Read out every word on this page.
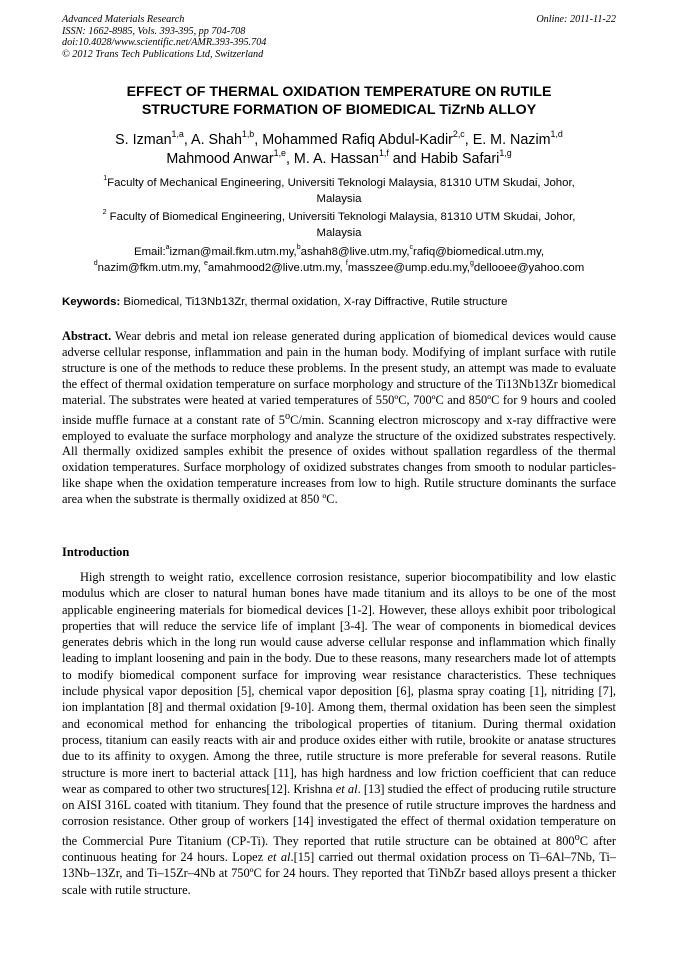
Advanced Materials Research
ISSN: 1662-8985, Vols. 393-395, pp 704-708
doi:10.4028/www.scientific.net/AMR.393-395.704
© 2012 Trans Tech Publications Ltd, Switzerland
Online: 2011-11-22
EFFECT OF THERMAL OXIDATION TEMPERATURE ON RUTILE
STRUCTURE FORMATION OF BIOMEDICAL TiZrNb ALLOY
S. Izman$^{1,a}$, A. Shah$^{1,b}$, Mohammed Rafiq Abdul-Kadir$^{2,c}$, E. M. Nazim$^{1,d}$
Mahmood Anwar$^{1,e}$, M. A. Hassan$^{1,f}$ and Habib Safari$^{1,g}$
$^1$Faculty of Mechanical Engineering, Universiti Teknologi Malaysia, 81310 UTM Skudai, Johor,
Malaysia
$^2$ Faculty of Biomedical Engineering, Universiti Teknologi Malaysia, 81310 UTM Skudai, Johor,
Malaysia
Email:$^a$izman@mail.fkm.utm.my,$^b$ashah8@live.utm.my,$^c$rafiq@biomedical.utm.my,
$^d$nazim@fkm.utm.my, $^e$amahmood2@live.utm.my, $^f$masszee@ump.edu.my,$^g$dellooee@yahoo.com
Keywords: Biomedical, Ti13Nb13Zr, thermal oxidation, X-ray Diffractive, Rutile structure
Abstract. Wear debris and metal ion release generated during application of biomedical devices would cause adverse cellular response, inflammation and pain in the human body. Modifying of implant surface with rutile structure is one of the methods to reduce these problems. In the present study, an attempt was made to evaluate the effect of thermal oxidation temperature on surface morphology and structure of the Ti13Nb13Zr biomedical material. The substrates were heated at varied temperatures of 550ºC, 700ºC and 850ºC for 9 hours and cooled inside muffle furnace at a constant rate of 5$^o$C/min. Scanning electron microscopy and x-ray diffractive were employed to evaluate the surface morphology and analyze the structure of the oxidized substrates respectively. All thermally oxidized samples exhibit the presence of oxides without spallation regardless of the thermal oxidation temperatures. Surface morphology of oxidized substrates changes from smooth to nodular particles-like shape when the oxidation temperature increases from low to high. Rutile structure dominants the surface area when the substrate is thermally oxidized at 850 ºC.
Introduction
High strength to weight ratio, excellence corrosion resistance, superior biocompatibility and low elastic modulus which are closer to natural human bones have made titanium and its alloys to be one of the most applicable engineering materials for biomedical devices [1-2]. However, these alloys exhibit poor tribological properties that will reduce the service life of implant [3-4]. The wear of components in biomedical devices generates debris which in the long run would cause adverse cellular response and inflammation which finally leading to implant loosening and pain in the body. Due to these reasons, many researchers made lot of attempts to modify biomedical component surface for improving wear resistance characteristics. These techniques include physical vapor deposition [5], chemical vapor deposition [6], plasma spray coating [1], nitriding [7], ion implantation [8] and thermal oxidation [9-10]. Among them, thermal oxidation has been seen the simplest and economical method for enhancing the tribological properties of titanium. During thermal oxidation process, titanium can easily reacts with air and produce oxides either with rutile, brookite or anatase structures due to its affinity to oxygen. Among the three, rutile structure is more preferable for several reasons. Rutile structure is more inert to bacterial attack [11], has high hardness and low friction coefficient that can reduce wear as compared to other two structures[12]. Krishna et al. [13] studied the effect of producing rutile structure on AISI 316L coated with titanium. They found that the presence of rutile structure improves the hardness and corrosion resistance. Other group of workers [14] investigated the effect of thermal oxidation temperature on the Commercial Pure Titanium (CP-Ti). They reported that rutile structure can be obtained at 800$^o$C after continuous heating for 24 hours. Lopez et al.[15] carried out thermal oxidation process on Ti–6Al–7Nb, Ti–13Nb–13Zr, and Ti–15Zr–4Nb at 750ºC for 24 hours. They reported that TiNbZr based alloys present a thicker scale with rutile structure.
